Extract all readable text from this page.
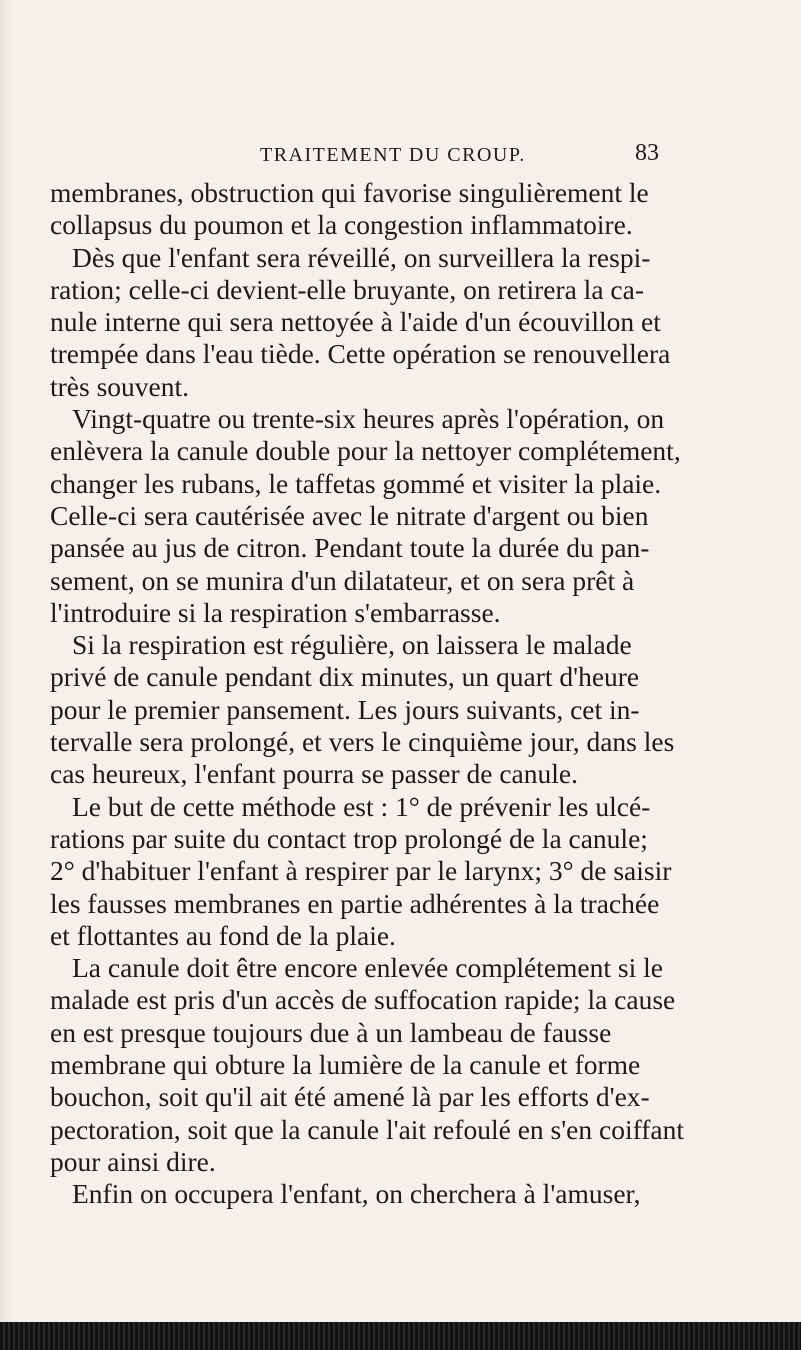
TRAITEMENT DU CROUP.	83
membranes, obstruction qui favorise singulièrement le
collapsus du poumon et la congestion inflammatoire.
Dès que l'enfant sera réveillé, on surveillera la respi-
ration; celle-ci devient-elle bruyante, on retirera la ca-
nule interne qui sera nettoyée à l'aide d'un écouvillon et
trempée dans l'eau tiède. Cette opération se renouvellera
très souvent.
Vingt-quatre ou trente-six heures après l'opération, on
enlèvera la canule double pour la nettoyer complétement,
changer les rubans, le taffetas gommé et visiter la plaie.
Celle-ci sera cautérisée avec le nitrate d'argent ou bien
pansée au jus de citron. Pendant toute la durée du pan-
sement, on se munira d'un dilatateur, et on sera prêt à
l'introduire si la respiration s'embarrasse.
Si la respiration est régulière, on laissera le malade
privé de canule pendant dix minutes, un quart d'heure
pour le premier pansement. Les jours suivants, cet in-
tervalle sera prolongé, et vers le cinquième jour, dans les
cas heureux, l'enfant pourra se passer de canule.
Le but de cette méthode est : 1° de prévenir les ulcé-
rations par suite du contact trop prolongé de la canule;
2° d'habituer l'enfant à respirer par le larynx; 3° de saisir
les fausses membranes en partie adhérentes à la trachée
et flottantes au fond de la plaie.
La canule doit être encore enlevée complétement si le
malade est pris d'un accès de suffocation rapide; la cause
en est presque toujours due à un lambeau de fausse
membrane qui obture la lumière de la canule et forme
bouchon, soit qu'il ait été amené là par les efforts d'ex-
pectoration, soit que la canule l'ait refoulé en s'en coiffant
pour ainsi dire.
Enfin on occupera l'enfant, on cherchera à l'amuser,
